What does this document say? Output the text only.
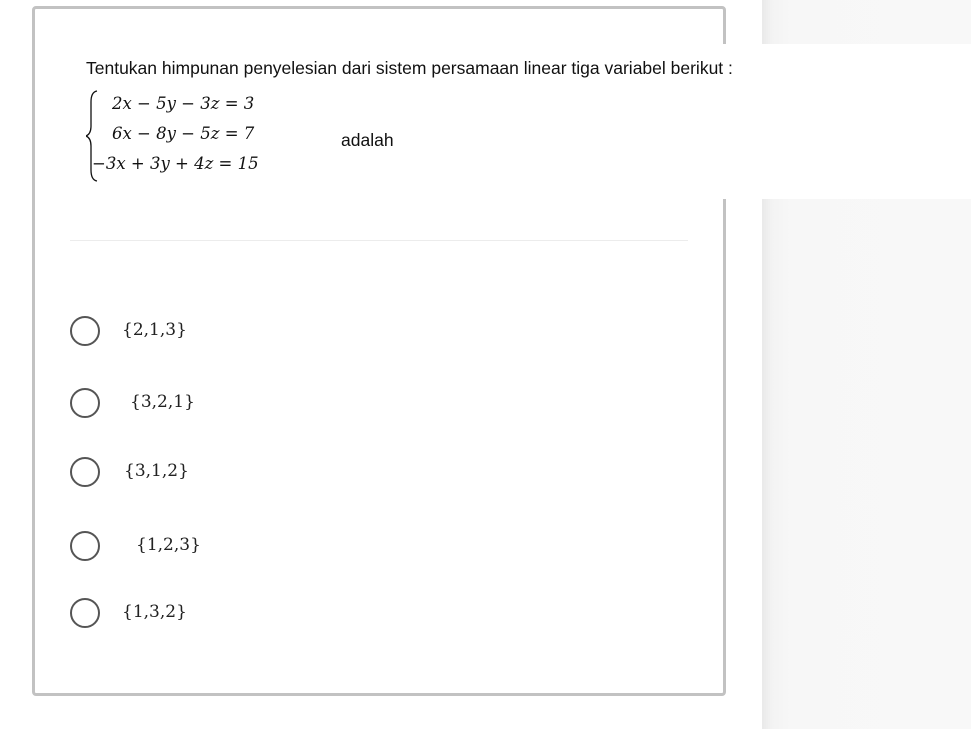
Tentukan himpunan penyelesian dari sistem persamaan linear tiga variabel berikut :
2x − 5y − 3z = 3
6x − 8y − 5z = 7
−3x + 3y + 4z = 15
adalah
{2,1,3}
{3,2,1}
{3,1,2}
{1,2,3}
{1,3,2}
